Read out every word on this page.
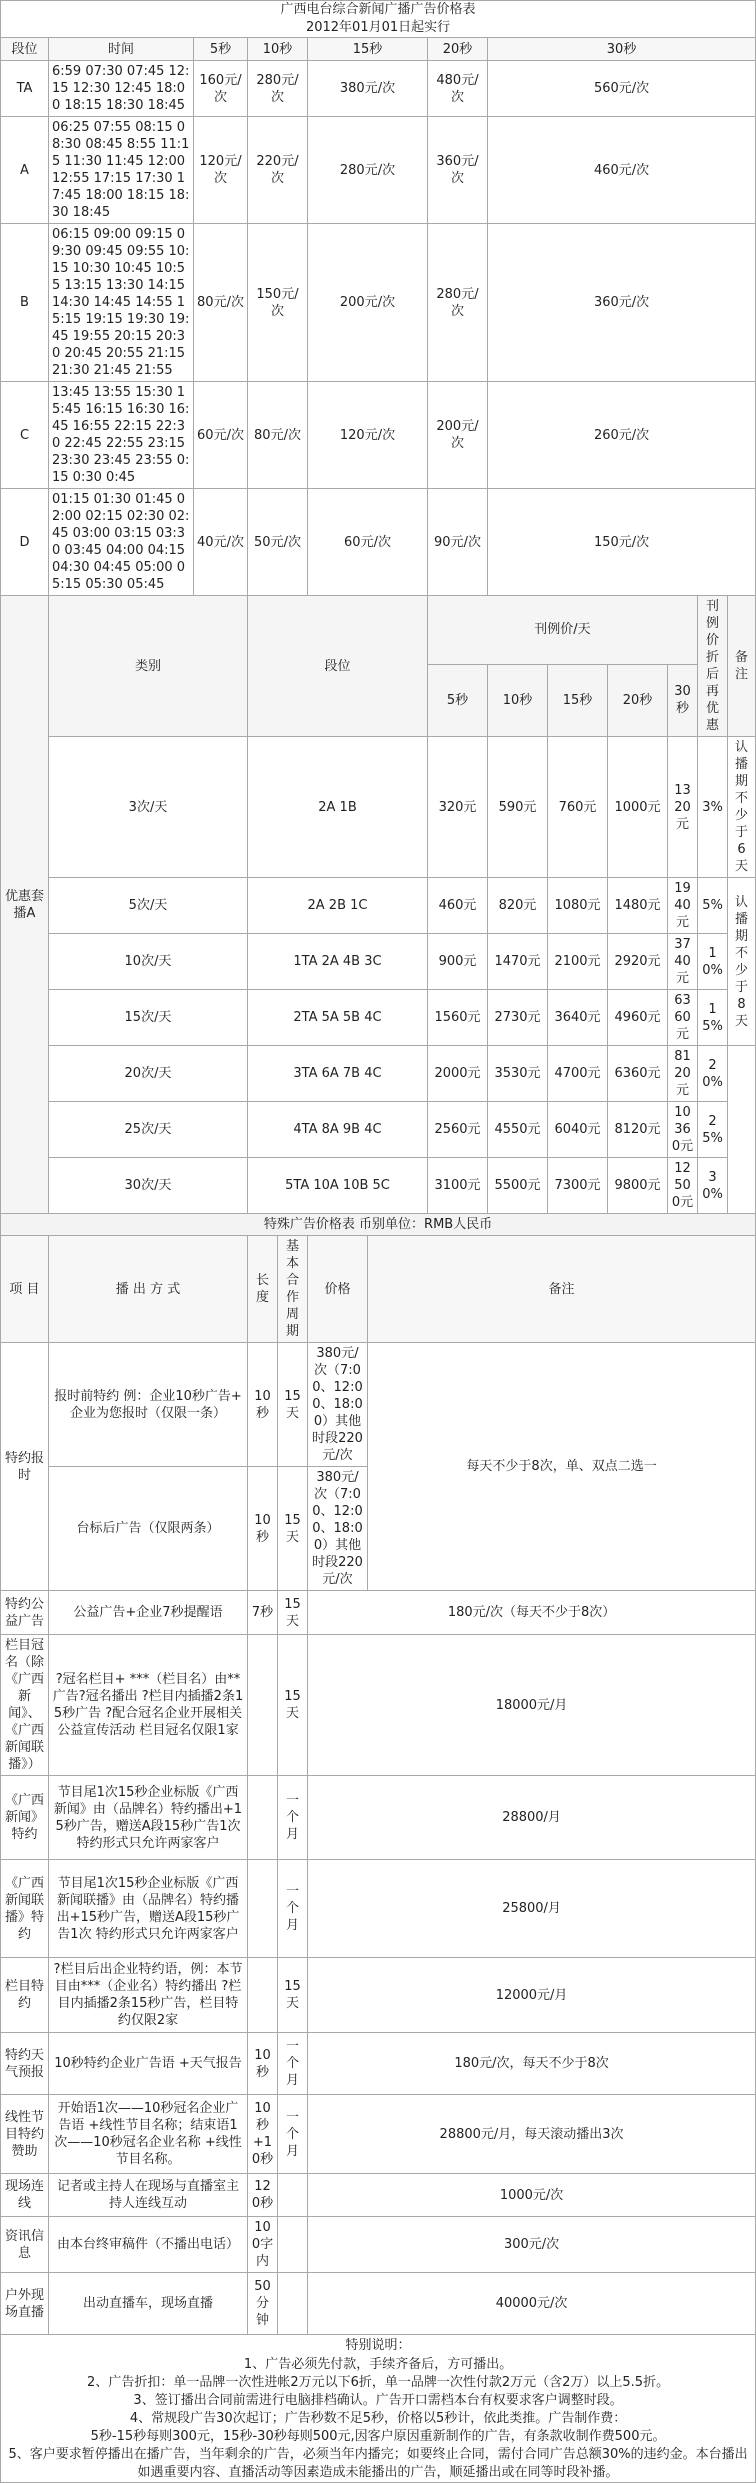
广西电台综合新闻广播广告价格表													
2012年01月01日起实行													
段位	时间	5秒	10秒		15秒		20秒	30秒					
TA	6:59 07:30 07:45 12:15 12:30 12:45 18:00 18:15 18:30 18:45	160元/次	280元/次		380元/次		480元/次	560元/次					
A	06:25 07:55 08:15 08:30 08:45 8:55 11:15 11:30 11:45 12:00 12:55 17:15 17:30 17:45 18:00 18:15 18:30 18:45	120元/次	220元/次		280元/次		360元/次	460元/次					
B	06:15 09:00 09:15 09:30 09:45 09:55 10:15 10:30 10:45 10:55 13:15 13:30 14:15 14:30 14:45 14:55 15:15 19:15 19:30 19:45 19:55 20:15 20:30 20:45 20:55 21:15 21:30 21:45 21:55	80元/次	150元/次		200元/次		280元/次	360元/次					
C	13:45 13:55 15:30 15:45 16:15 16:30 16:45 16:55 22:15 22:30 22:45 22:55 23:15 23:30 23:45 23:55 0:15 0:30 0:45	60元/次	80元/次		120元/次		200元/次	260元/次					
D	01:15 01:30 01:45 02:00 02:15 02:30 02:45 03:00 03:15 03:30 03:45 04:00 04:15 04:30 04:45 05:00 05:15 05:30 05:45	40元/次	50元/次		60元/次		90元/次	150元/次					
优惠套播A	类别		段位				刊例价/天					刊例价折后再优惠	备注
							5秒	10秒	15秒	20秒	30秒		
	3次/天		2A 1B				320元	590元	760元	1000元	1320元	3%	认播期不少于6天
	5次/天		2A 2B 1C				460元	820元	1080元	1480元	1940元	5%	认播期不少于8天
	10次/天		1TA 2A 4B 3C				900元	1470元	2100元	2920元	3740元	10%	
	15次/天		2TA 5A 5B 4C				1560元	2730元	3640元	4960元	6360元	15%	
	20次/天		3TA 6A 7B 4C				2000元	3530元	4700元	6360元	8120元	20%	
	25次/天		4TA 8A 9B 4C				2560元	4550元	6040元	8120元	10360元	25%	
	30次/天		5TA 10A 10B 5C				3100元	5500元	7300元	9800元	12500元	30%	
特殊广告价格表 币别单位：RMB人民币													
项 目	播 出 方 式		长度	基本合作周期	价格	备注							
特约报时	报时前特约 例：企业10秒广告+ 企业为您报时（仅限一条）		10秒	15天	380元/次（7:00、12:00、18:00）其他时段220元/次	每天不少于8次，单、双点二选一							
	台标后广告（仅限两条）		10秒	15天	380元/次（7:00、12:00、18:00）其他时段220元/次								
特约公益广告	公益广告+企业7秒提醒语		7秒	15天	180元/次（每天不少于8次）								
栏目冠名（除《广西新闻》、《广西新闻联播》）	?冠名栏目+ ***（栏目名）由**广告?冠名播出 ?栏目内插播2条15秒广告 ?配合冠名企业开展相关公益宣传活动 栏目冠名仅限1家			15天	18000元/月								
《广西新闻》特约	节目尾1次15秒企业标版《广西新闻》由（品牌名）特约播出+15秒广告，赠送A段15秒广告1次 特约形式只允许两家客户			一个月	28800/月								
《广西新闻联播》特约	节目尾1次15秒企业标版《广西新闻联播》由（品牌名）特约播出+15秒广告，赠送A段15秒广告1次 特约形式只允许两家客户			一个月	25800/月								
栏目特约	?栏目后出企业特约语，例：本节目由***（企业名）特约播出 ?栏目内插播2条15秒广告，栏目特约仅限2家			15天	12000元/月								
特约天气预报	10秒特约企业广告语 +天气报告		10秒	一个月	180元/次，每天不少于8次								
线性节目特约赞助	开始语1次——10秒冠名企业广告语 +线性节目名称；结束语1次——10秒冠名企业名称 +线性节目名称。		10秒+10秒	一个月	28800元/月，每天滚动播出3次								
现场连线	记者或主持人在现场与直播室主持人连线互动		120秒		1000元/次								
资讯信息	由本台终审稿件（不播出电话）		100字内		300元/次								
户外现场直播	出动直播车，现场直播		50分钟		40000元/次								
特别说明：													
1、广告必须先付款，手续齐备后，方可播出。													
2、广告折扣：单一品牌一次性进帐2万元以下6折，单一品牌一次性付款2万元（含2万）以上5.5折。													
3、签订播出合同前需进行电脑排档确认。广告开口需档本台有权要求客户调整时段。													
4、常规段广告30次起订；广告秒数不足5秒，价格以5秒计，依此类推。广告制作费：													
5秒-15秒每则300元，15秒-30秒每则500元,因客户原因重新制作的广告，有条款收制作费500元。													
5、客户要求暂停播出在播广告，当年剩余的广告，必须当年内播完；如要终止合同，需付合同广告总额30%的违约金。本台播出如遇重要内容、直播活动等因素造成未能播出的广告，顺延播出或在同等时段补播。													
